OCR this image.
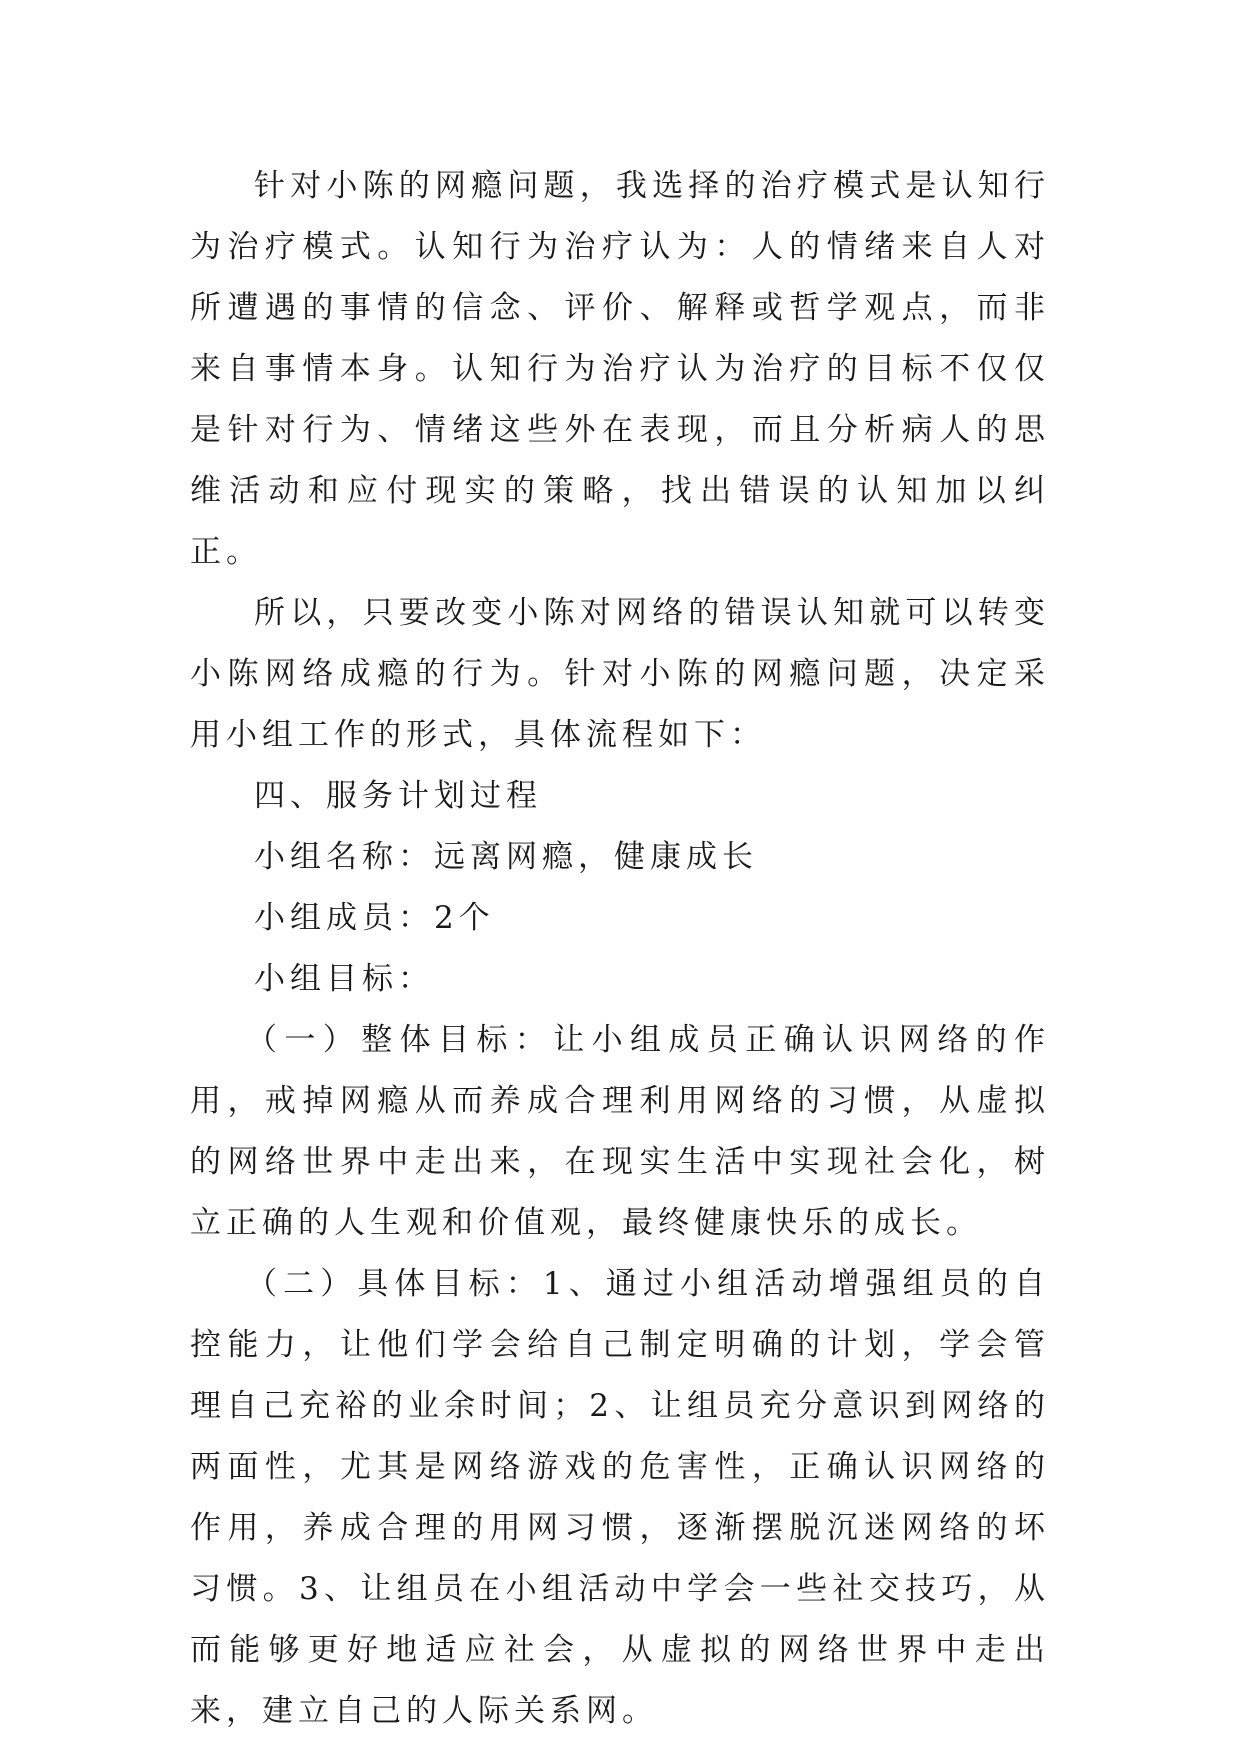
针对小陈的网瘾问题，我选择的治疗模式是认知行为治疗模式。认知行为治疗认为：人的情绪来自人对所遭遇的事情的信念、评价、解释或哲学观点，而非来自事情本身。认知行为治疗认为治疗的目标不仅仅是针对行为、情绪这些外在表现，而且分析病人的思维活动和应付现实的策略，找出错误的认知加以纠正。

所以，只要改变小陈对网络的错误认知就可以转变小陈网络成瘾的行为。针对小陈的网瘾问题，决定采用小组工作的形式，具体流程如下：

四、服务计划过程

小组名称：远离网瘾，健康成长

小组成员：2个

小组目标：

（一）整体目标：让小组成员正确认识网络的作用，戒掉网瘾从而养成合理利用网络的习惯，从虚拟的网络世界中走出来，在现实生活中实现社会化，树立正确的人生观和价值观，最终健康快乐的成长。

（二）具体目标：1、通过小组活动增强组员的自控能力，让他们学会给自己制定明确的计划，学会管理自己充裕的业余时间；2、让组员充分意识到网络的两面性，尤其是网络游戏的危害性，正确认识网络的作用，养成合理的用网习惯，逐渐摆脱沉迷网络的坏习惯。3、让组员在小组活动中学会一些社交技巧，从而能够更好地适应社会，从虚拟的网络世界中走出来，建立自己的人际关系网。
